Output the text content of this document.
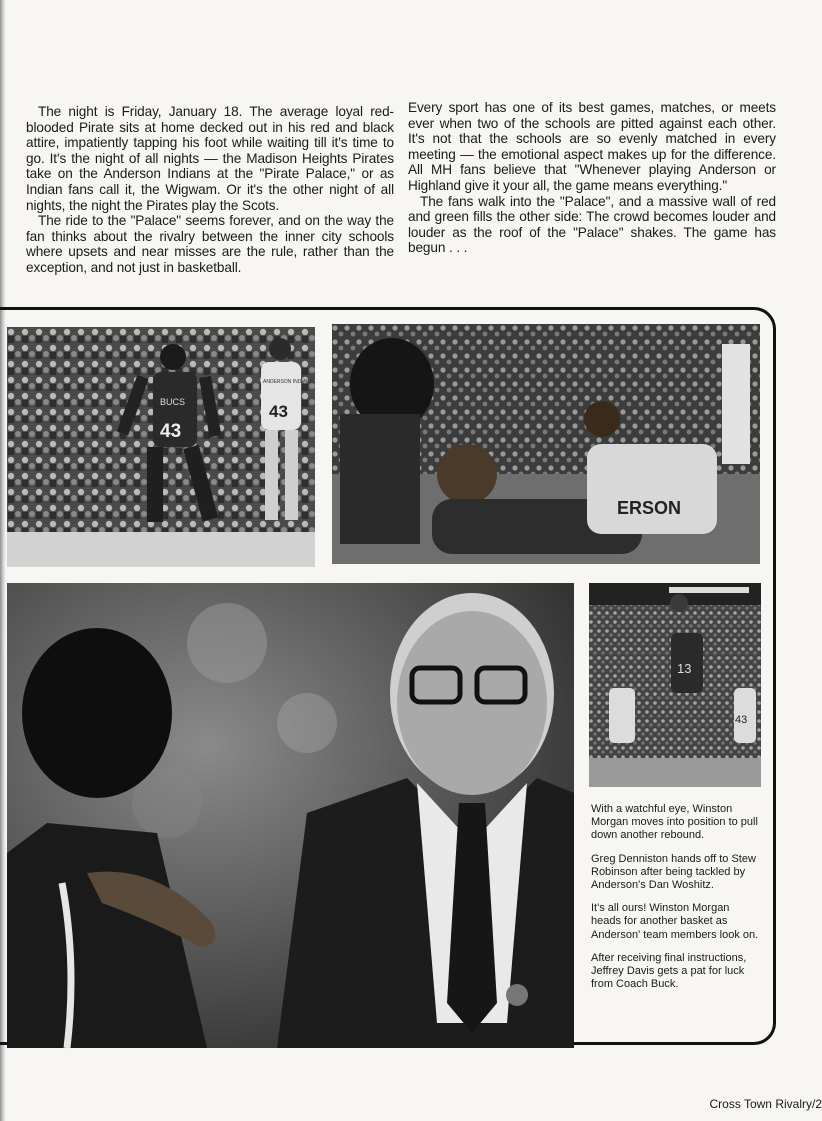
The night is Friday, January 18. The average loyal red-blooded Pirate sits at home decked out in his red and black attire, impatiently tapping his foot while waiting till it's time to go. It's the night of all nights — the Madison Heights Pirates take on the Anderson Indians at the "Pirate Palace," or as Indian fans call it, the Wigwam. Or it's the other night of all nights, the night the Pirates play the Scots.

The ride to the "Palace" seems forever, and on the way the fan thinks about the rivalry between the inner city schools where upsets and near misses are the rule, rather than the exception, and not just in basketball.

Every sport has one of its best games, matches, or meets ever when two of the schools are pitted against each other. It's not that the schools are so evenly matched in every meeting — the emotional aspect makes up for the difference. All MH fans believe that "Whenever playing Anderson or Highland give it your all, the game means everything."

The fans walk into the "Palace", and a massive wall of red and green fills the other side: The crowd becomes louder and louder as the roof of the "Palace" shakes. The game has begun . . .

BUCS
43
ANDERSON INDIANS
43
ERSON
13
43

With a watchful eye, Winston Morgan moves into position to pull down another rebound.

Greg Denniston hands off to Stew Robinson after being tackled by Anderson's Dan Woshitz.

It's all ours! Winston Morgan heads for another basket as Anderson' team members look on.

After receiving final instructions, Jeffrey Davis gets a pat for luck from Coach Buck.

Cross Town Rivalry/2
